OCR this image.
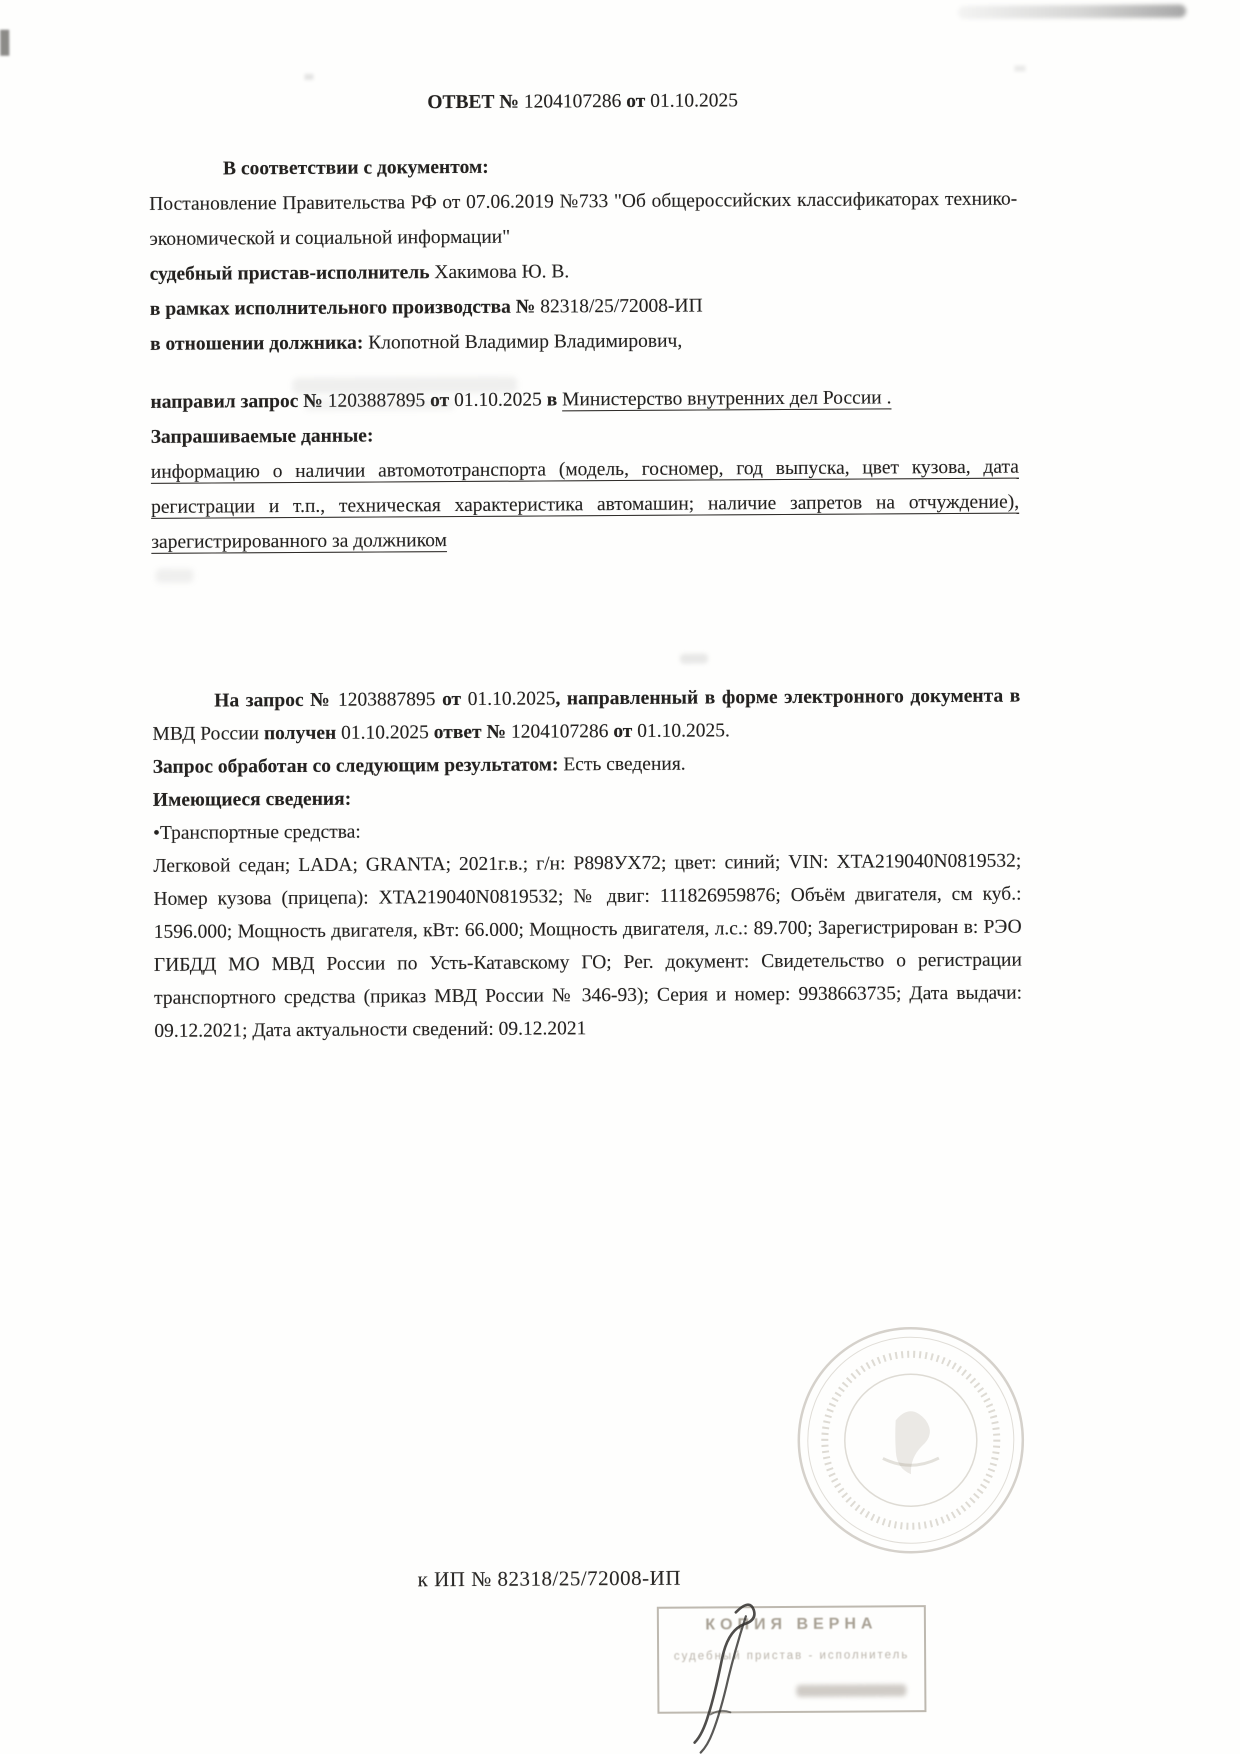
ОТВЕТ № 1204107286 от 01.10.2025

В соответствии с документом:

Постановление Правительства РФ от 07.06.2019 №733 "Об общероссийских классификаторах технико-экономической и социальной информации"

судебный пристав-исполнитель Хакимова Ю. В.

в рамках исполнительного производства № 82318/25/72008-ИП

в отношении должника: Клопотной Владимир Владимирович,

направил запрос № 1203887895 от 01.10.2025 в Министерство внутренних дел России .

Запрашиваемые данные:

информацию о наличии автомототранспорта (модель, госномер, год выпуска, цвет кузова, дата регистрации и т.п., техническая характеристика автомашин; наличие запретов на отчуждение), зарегистрированного за должником

На запрос № 1203887895 от 01.10.2025, направленный в форме электронного документа в МВД России получен 01.10.2025 ответ № 1204107286 от 01.10.2025.

Запрос обработан со следующим результатом: Есть сведения.

Имеющиеся сведения:

•Транспортные средства:

Легковой седан; LADA; GRANTA; 2021г.в.; г/н: Р898УХ72; цвет: синий; VIN: XTA219040N0819532; Номер кузова (прицепа): XTA219040N0819532; № двиг: 111826959876; Объём двигателя, см куб.: 1596.000; Мощность двигателя, кВт: 66.000; Мощность двигателя, л.с.: 89.700; Зарегистрирован в: РЭО ГИБДД МО МВД России по Усть-Катавскому ГО; Рег. документ: Свидетельство о регистрации транспортного средства (приказ МВД России № 346-93); Серия и номер: 9938663735; Дата выдачи: 09.12.2021; Дата актуальности сведений: 09.12.2021

к ИП № 82318/25/72008-ИП
КОПИЯ ВЕРНА
судебный пристав - исполнитель
